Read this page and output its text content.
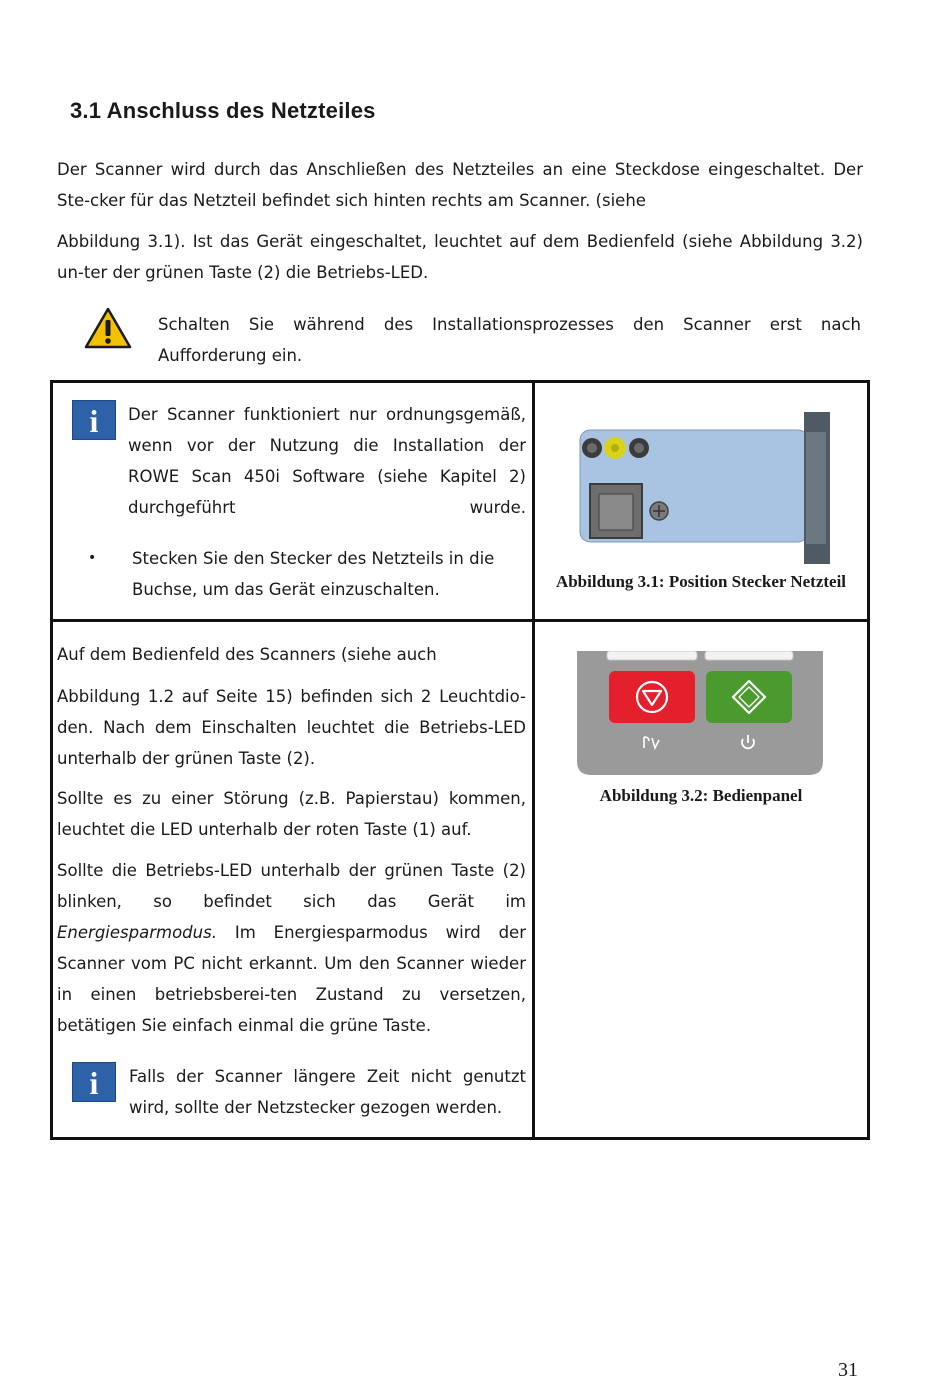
3.1 Anschluss des Netzteiles

Der Scanner wird durch das Anschließen des Netzteiles an eine Steckdose eingeschaltet. Der Ste-cker für das Netzteil befindet sich hinten rechts am Scanner. (siehe

Abbildung 3.1). Ist das Gerät eingeschaltet, leuchtet auf dem Bedienfeld (siehe Abbildung 3.2) un-ter der grünen Taste (2) die Betriebs-LED.

Schalten Sie während des Installationsprozesses den Scanner erst nach Aufforderung ein.

i	Der Scanner funktioniert nur ordnungsgemäß, wenn vor der Nutzung die Installation der ROWE Scan 450i Software (siehe Kapitel 2)
durchgeführt wurde.

• Stecken Sie den Stecker des Netzteils in die Buchse, um das Gerät einzuschalten.	Abbildung 3.1: Position Stecker Netzteil

Auf dem Bedienfeld des Scanners (siehe auch

Abbildung 1.2 auf Seite 15) befinden sich 2 Leuchtdio-den. Nach dem Einschalten leuchtet die Betriebs-LED unterhalb der grünen Taste (2).

Sollte es zu einer Störung (z.B. Papierstau) kommen, leuchtet die LED unterhalb der roten Taste (1) auf.

Sollte die Betriebs-LED unterhalb der grünen Taste (2) blinken, so befindet sich das Gerät im Energiesparmodus. Im Energiesparmodus wird der Scanner vom PC nicht erkannt. Um den Scanner wieder in einen betriebsberei-ten Zustand zu versetzen, betätigen Sie einfach einmal die grüne Taste.

i	Falls der Scanner längere Zeit nicht genutzt wird, sollte der Netzstecker gezogen werden.

Abbildung 3.2: Bedienpanel
31
